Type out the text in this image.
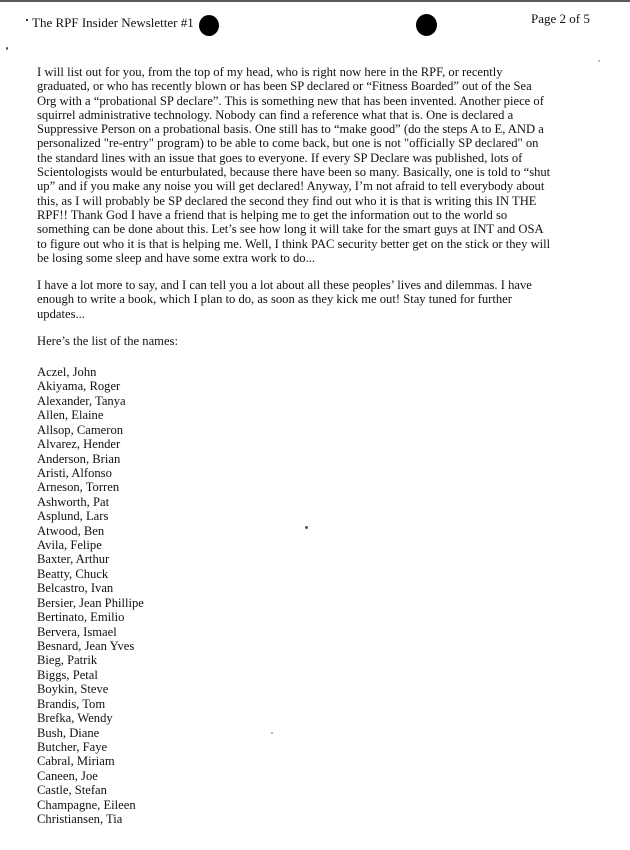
The RPF Insider Newsletter #1	Page 2 of 5
I will list out for you, from the top of my head, who is right now here in the RPF, or recently
graduated, or who has recently blown or has been SP declared or “Fitness Boarded” out of the Sea
Org with a “probational SP declare”. This is something new that has been invented. Another piece of
squirrel administrative technology. Nobody can find a reference what that is. One is declared a
Suppressive Person on a probational basis. One still has to “make good” (do the steps A to E, AND a
personalized "re-entry" program) to be able to come back, but one is not "officially SP declared" on
the standard lines with an issue that goes to everyone. If every SP Declare was published, lots of
Scientologists would be enturbulated, because there have been so many. Basically, one is told to “shut
up” and if you make any noise you will get declared! Anyway, I’m not afraid to tell everybody about
this, as I will probably be SP declared the second they find out who it is that is writing this IN THE
RPF!! Thank God I have a friend that is helping me to get the information out to the world so
something can be done about this. Let’s see how long it will take for the smart guys at INT and OSA
to figure out who it is that is helping me. Well, I think PAC security better get on the stick or they will
be losing some sleep and have some extra work to do...
I have a lot more to say, and I can tell you a lot about all these peoples’ lives and dilemmas. I have
enough to write a book, which I plan to do, as soon as they kick me out! Stay tuned for further
updates...
Here’s the list of the names:
Aczel, John
Akiyama, Roger
Alexander, Tanya
Allen, Elaine
Allsop, Cameron
Alvarez, Hender
Anderson, Brian
Aristi, Alfonso
Arneson, Torren
Ashworth, Pat
Asplund, Lars
Atwood, Ben
Avila, Felipe
Baxter, Arthur
Beatty, Chuck
Belcastro, Ivan
Bersier, Jean Phillipe
Bertinato, Emilio
Bervera, Ismael
Besnard, Jean Yves
Bieg, Patrik
Biggs, Petal
Boykin, Steve
Brandis, Tom
Brefka, Wendy
Bush, Diane
Butcher, Faye
Cabral, Miriam
Caneen, Joe
Castle, Stefan
Champagne, Eileen
Christiansen, Tia
